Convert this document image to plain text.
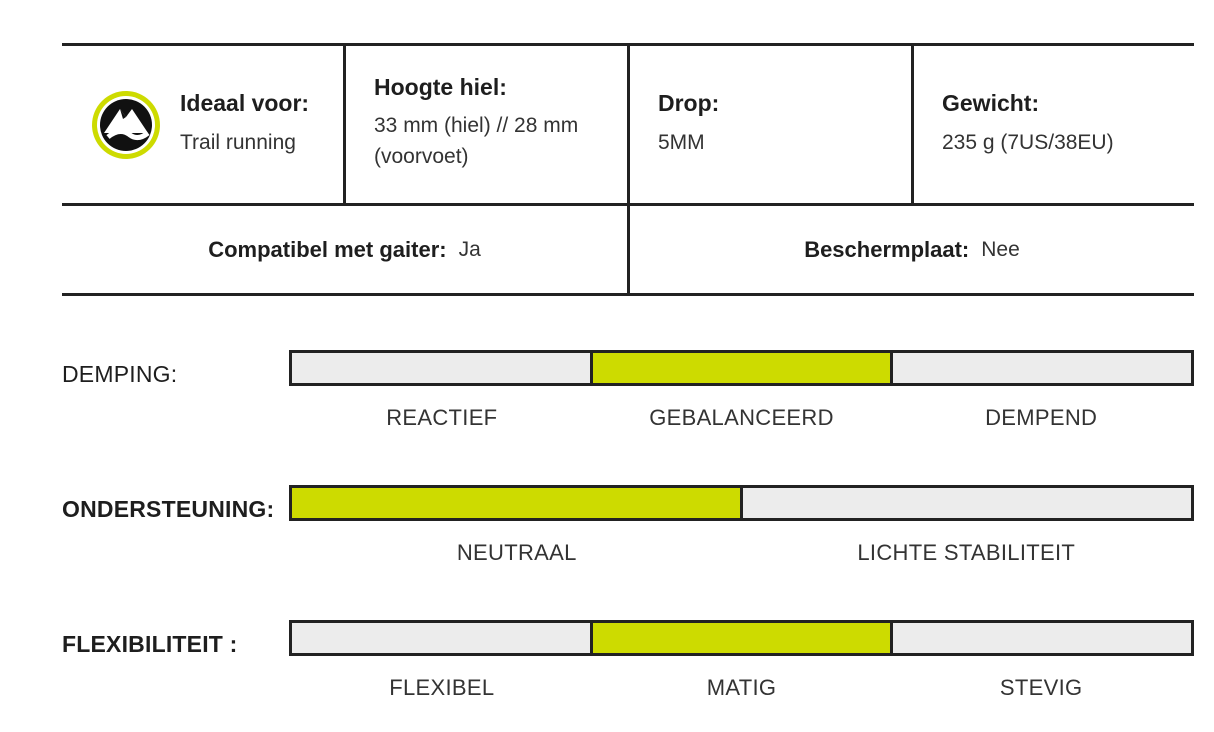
Ideaal voor:
Trail running
Hoogte hiel:
33 mm (hiel) // 28 mm (voorvoet)
Drop:
5MM
Gewicht:
235 g (7US/38EU)
Compatibel met gaiter: Ja	Beschermplaat: Nee
DEMPING:
REACTIEF	GEBALANCEERD	DEMPEND
ONDERSTEUNING:
NEUTRAAL	LICHTE STABILITEIT
FLEXIBILITEIT :
FLEXIBEL	MATIG	STEVIG
